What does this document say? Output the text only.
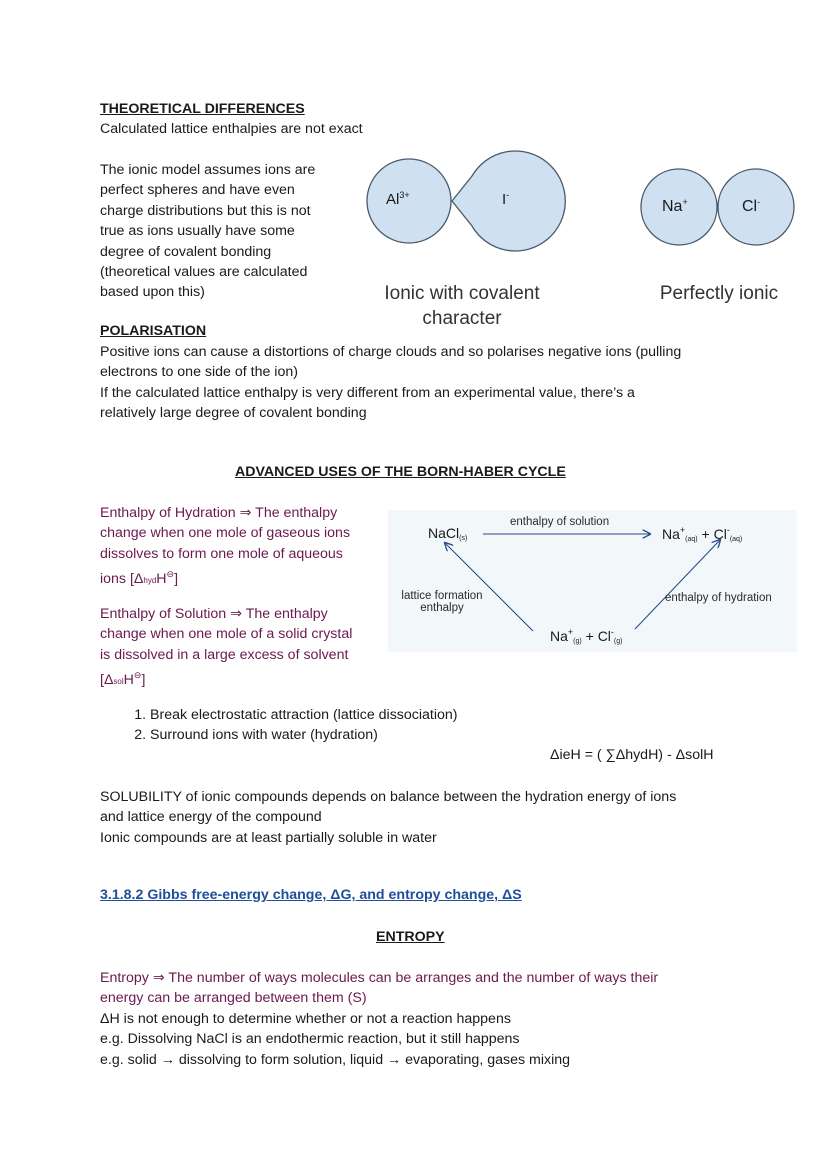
THEORETICAL DIFFERENCES
Calculated lattice enthalpies are not exact
The ionic model assumes ions are
perfect spheres and have even
charge distributions but this is not
true as ions usually have some
degree of covalent bonding
(theoretical values are calculated
based upon this)
$Al^{3+}$	I-
Na+	Cl-
Ionic with covalent
character
Perfectly ionic
POLARISATION
Positive ions can cause a distortions of charge clouds and so polarises negative ions (pulling
electrons to one side of the ion)
If the calculated lattice enthalpy is very different from an experimental value, there’s a
relatively large degree of covalent bonding
ADVANCED USES OF THE BORN-HABER CYCLE
Enthalpy of Hydration ⇒ The enthalpy
change when one mole of gaseous ions
dissolves to form one mole of aqueous
ions [ΔhydH⊖]
Enthalpy of Solution ⇒ The enthalpy
change when one mole of a solid crystal
is dissolved in a large excess of solvent
[ΔsolH⊖]
NaCl$_{(s)}$
enthalpy of solution
$Na^+_{(aq)} + Cl^-_{(aq)}$
lattice formation
enthalpy
enthalpy of hydration
$Na^+_{(g)} + Cl^-_{(g)}$
1. Break electrostatic attraction (lattice dissociation)
2. Surround ions with water (hydration)
ΔieH = ( ∑ΔhydH) - ΔsolH
SOLUBILITY of ionic compounds depends on balance between the hydration energy of ions
and lattice energy of the compound
Ionic compounds are at least partially soluble in water
3.1.8.2 Gibbs free-energy change, ΔG, and entropy change, ΔS
ENTROPY
Entropy ⇒ The number of ways molecules can be arranges and the number of ways their
energy can be arranged between them (S)
ΔH is not enough to determine whether or not a reaction happens
e.g. Dissolving NaCl is an endothermic reaction, but it still happens
e.g. solid → dissolving to form solution, liquid → evaporating, gases mixing
